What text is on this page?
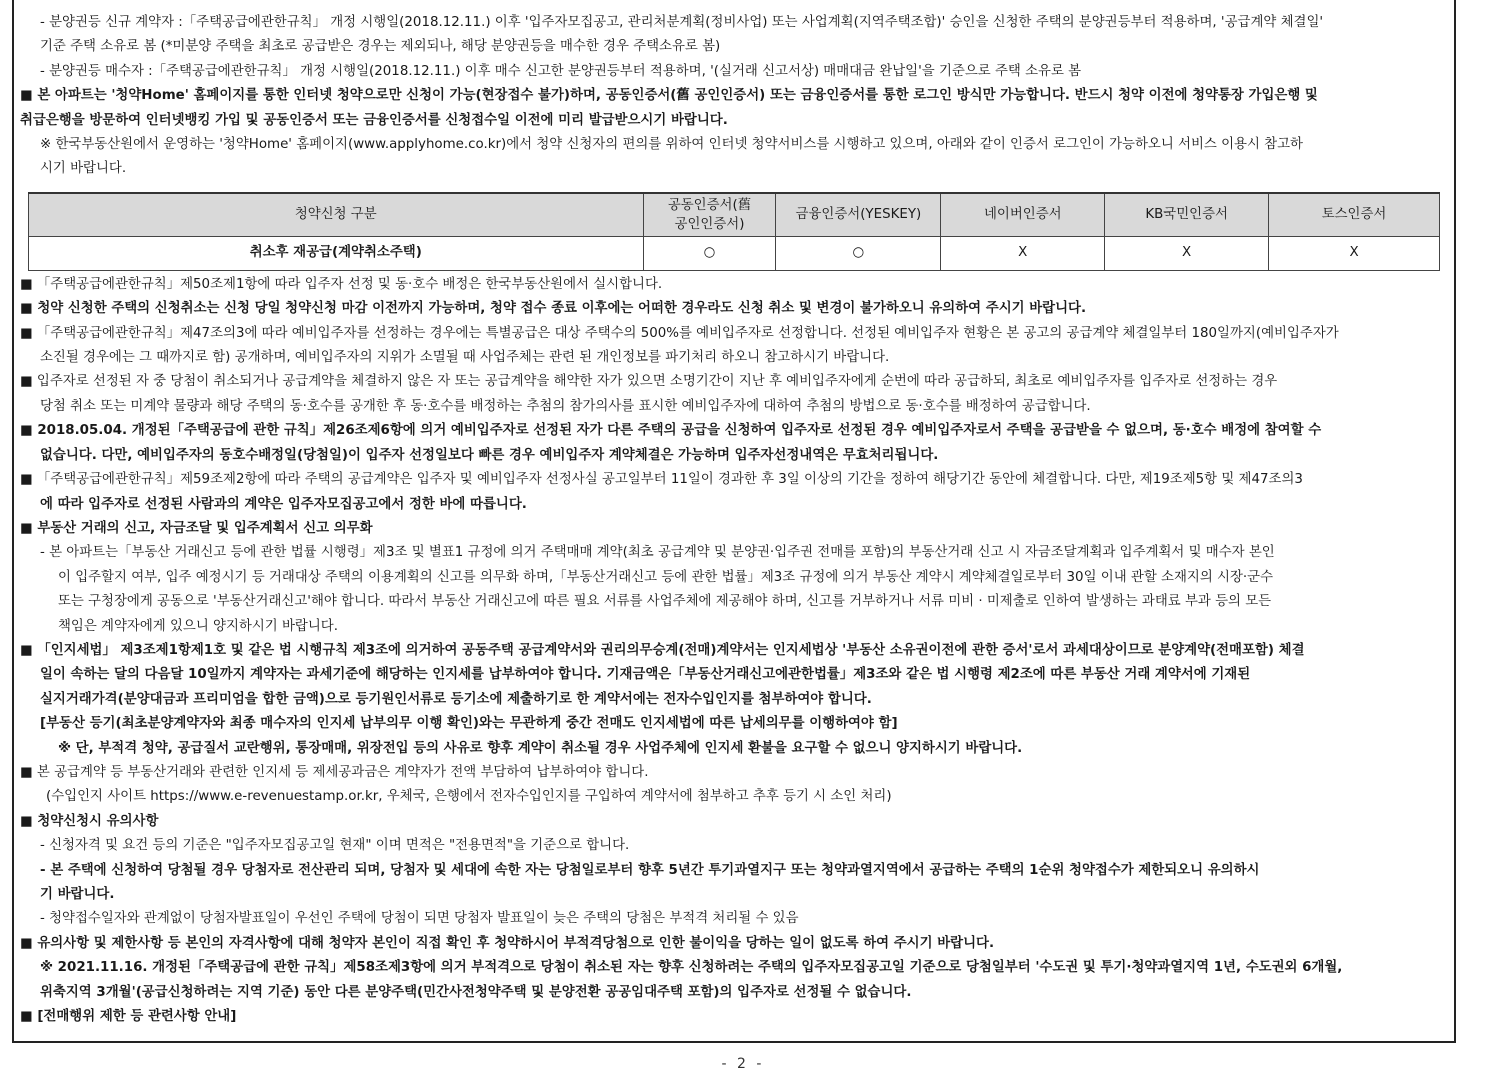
- 분양권등 신규 계약자 :「주택공급에관한규칙」 개정 시행일(2018.12.11.) 이후 '입주자모집공고, 관리처분계획(정비사업) 또는 사업계획(지역주택조합)' 승인을 신청한 주택의 분양권등부터 적용하며, '공급계약 체결일'

기준 주택 소유로 봄 (*미분양 주택을 최초로 공급받은 경우는 제외되나, 해당 분양권등을 매수한 경우 주택소유로 봄)

- 분양권등 매수자 :「주택공급에관한규칙」 개정 시행일(2018.12.11.) 이후 매수 신고한 분양권등부터 적용하며, '(실거래 신고서상) 매매대금 완납일'을 기준으로 주택 소유로 봄

■ 본 아파트는 '청약Home' 홈페이지를 통한 인터넷 청약으로만 신청이 가능(현장접수 불가)하며, 공동인증서(舊 공인인증서) 또는 금융인증서를 통한 로그인 방식만 가능합니다. 반드시 청약 이전에 청약통장 가입은행 및

취급은행을 방문하여 인터넷뱅킹 가입 및 공동인증서 또는 금융인증서를 신청접수일 이전에 미리 발급받으시기 바랍니다.

※ 한국부동산원에서 운영하는 '청약Home' 홈페이지(www.applyhome.co.kr)에서 청약 신청자의 편의를 위하여 인터넷 청약서비스를 시행하고 있으며, 아래와 같이 인증서 로그인이 가능하오니 서비스 이용시 참고하

시기 바랍니다.

청약신청 구분	공동인증서(舊
공인인증서)	금융인증서(YESKEY)	네이버인증서	KB국민인증서	토스인증서
취소후 재공급(계약취소주택)	○	○	X	X	X

■ 「주택공급에관한규칙」제50조제1항에 따라 입주자 선정 및 동·호수 배정은 한국부동산원에서 실시합니다.

■ 청약 신청한 주택의 신청취소는 신청 당일 청약신청 마감 이전까지 가능하며, 청약 접수 종료 이후에는 어떠한 경우라도 신청 취소 및 변경이 불가하오니 유의하여 주시기 바랍니다.

■ 「주택공급에관한규칙」제47조의3에 따라 예비입주자를 선정하는 경우에는 특별공급은 대상 주택수의 500%를 예비입주자로 선정합니다. 선정된 예비입주자 현황은 본 공고의 공급계약 체결일부터 180일까지(예비입주자가

소진될 경우에는 그 때까지로 함) 공개하며, 예비입주자의 지위가 소멸될 때 사업주체는 관련 된 개인정보를 파기처리 하오니 참고하시기 바랍니다.

■ 입주자로 선정된 자 중 당첨이 취소되거나 공급계약을 체결하지 않은 자 또는 공급계약을 해약한 자가 있으면 소명기간이 지난 후 예비입주자에게 순번에 따라 공급하되, 최초로 예비입주자를 입주자로 선정하는 경우

당첨 취소 또는 미계약 물량과 해당 주택의 동·호수를 공개한 후 동·호수를 배정하는 추첨의 참가의사를 표시한 예비입주자에 대하여 추첨의 방법으로 동·호수를 배정하여 공급합니다.

■ 2018.05.04. 개정된「주택공급에 관한 규칙」제26조제6항에 의거 예비입주자로 선정된 자가 다른 주택의 공급을 신청하여 입주자로 선정된 경우 예비입주자로서 주택을 공급받을 수 없으며, 동·호수 배정에 참여할 수

없습니다. 다만, 예비입주자의 동호수배정일(당첨일)이 입주자 선정일보다 빠른 경우 예비입주자 계약체결은 가능하며 입주자선정내역은 무효처리됩니다.

■ 「주택공급에관한규칙」제59조제2항에 따라 주택의 공급계약은 입주자 및 예비입주자 선정사실 공고일부터 11일이 경과한 후 3일 이상의 기간을 정하여 해당기간 동안에 체결합니다. 다만, 제19조제5항 및 제47조의3

에 따라 입주자로 선정된 사람과의 계약은 입주자모집공고에서 정한 바에 따릅니다.

■ 부동산 거래의 신고, 자금조달 및 입주계획서 신고 의무화

- 본 아파트는「부동산 거래신고 등에 관한 법률 시행령」제3조 및 별표1 규정에 의거 주택매매 계약(최초 공급계약 및 분양권·입주권 전매를 포함)의 부동산거래 신고 시 자금조달계획과 입주계획서 및 매수자 본인

이 입주할지 여부, 입주 예정시기 등 거래대상 주택의 이용계획의 신고를 의무화 하며,「부동산거래신고 등에 관한 법률」제3조 규정에 의거 부동산 계약시 계약체결일로부터 30일 이내 관할 소재지의 시장·군수

또는 구청장에게 공동으로 '부동산거래신고'해야 합니다. 따라서 부동산 거래신고에 따른 필요 서류를 사업주체에 제공해야 하며, 신고를 거부하거나 서류 미비 · 미제출로 인하여 발생하는 과태료 부과 등의 모든

책임은 계약자에게 있으니 양지하시기 바랍니다.

■ 「인지세법」 제3조제1항제1호 및 같은 법 시행규칙 제3조에 의거하여 공동주택 공급계약서와 권리의무승계(전매)계약서는 인지세법상 '부동산 소유권이전에 관한 증서'로서 과세대상이므로 분양계약(전매포함) 체결

일이 속하는 달의 다음달 10일까지 계약자는 과세기준에 해당하는 인지세를 납부하여야 합니다. 기재금액은「부동산거래신고에관한법률」제3조와 같은 법 시행령 제2조에 따른 부동산 거래 계약서에 기재된

실지거래가격(분양대금과 프리미엄을 합한 금액)으로 등기원인서류로 등기소에 제출하기로 한 계약서에는 전자수입인지를 첨부하여야 합니다.

[부동산 등기(최초분양계약자와 최종 매수자의 인지세 납부의무 이행 확인)와는 무관하게 중간 전매도 인지세법에 따른 납세의무를 이행하여야 함]

※ 단, 부적격 청약, 공급질서 교란행위, 통장매매, 위장전입 등의 사유로 향후 계약이 취소될 경우 사업주체에 인지세 환불을 요구할 수 없으니 양지하시기 바랍니다.

■ 본 공급계약 등 부동산거래와 관련한 인지세 등 제세공과금은 계약자가 전액 부담하여 납부하여야 합니다.

(수입인지 사이트 https://www.e-revenuestamp.or.kr, 우체국, 은행에서 전자수입인지를 구입하여 계약서에 첨부하고 추후 등기 시 소인 처리)

■ 청약신청시 유의사항

- 신청자격 및 요건 등의 기준은 "입주자모집공고일 현재" 이며 면적은 "전용면적"을 기준으로 합니다.

- 본 주택에 신청하여 당첨될 경우 당첨자로 전산관리 되며, 당첨자 및 세대에 속한 자는 당첨일로부터 향후 5년간 투기과열지구 또는 청약과열지역에서 공급하는 주택의 1순위 청약접수가 제한되오니 유의하시

기 바랍니다.

- 청약접수일자와 관계없이 당첨자발표일이 우선인 주택에 당첨이 되면 당첨자 발표일이 늦은 주택의 당첨은 부적격 처리될 수 있음

■ 유의사항 및 제한사항 등 본인의 자격사항에 대해 청약자 본인이 직접 확인 후 청약하시어 부적격당첨으로 인한 불이익을 당하는 일이 없도록 하여 주시기 바랍니다.

※ 2021.11.16. 개정된「주택공급에 관한 규칙」제58조제3항에 의거 부적격으로 당첨이 취소된 자는 향후 신청하려는 주택의 입주자모집공고일 기준으로 당첨일부터 '수도권 및 투기·청약과열지역 1년, 수도권외 6개월,

위축지역 3개월'(공급신청하려는 지역 기준) 동안 다른 분양주택(민간사전청약주택 및 분양전환 공공임대주택 포함)의 입주자로 선정될 수 없습니다.

■ [전매행위 제한 등 관련사항 안내]

- 2 -
